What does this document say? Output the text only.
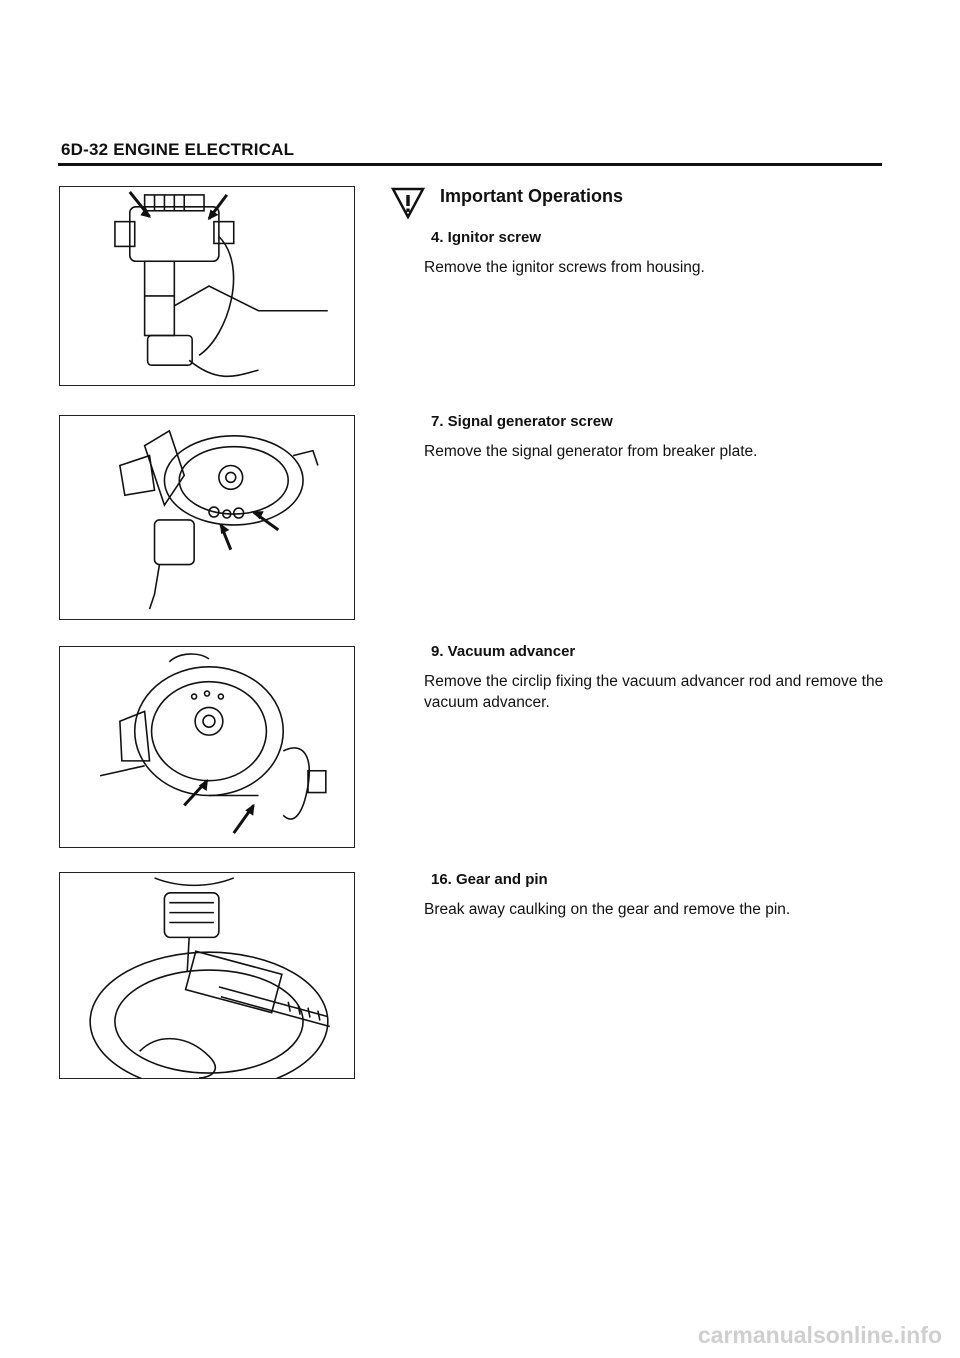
6D-32 ENGINE ELECTRICAL
Important Operations
4. Ignitor screw
Remove the ignitor screws from housing.
7. Signal generator screw
Remove the signal generator from breaker plate.
9. Vacuum advancer
Remove the circlip fixing the vacuum advancer rod and remove the vacuum advancer.
16. Gear and pin
Break away caulking on the gear and remove the pin.
carmanualsonline.info
